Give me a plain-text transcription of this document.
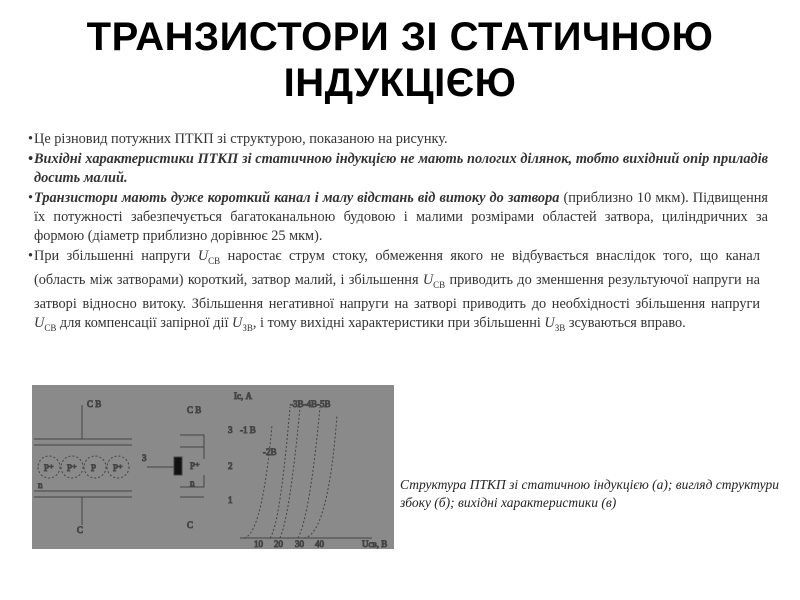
ТРАНЗИСТОРИ ЗІ СТАТИЧНОЮ
ІНДУКЦІЄЮ
• Це різновид потужних ПТКП зі структурою, показаною на рисунку.
• Вихідні характеристики ПТКП зі статичною індукцією не мають пологих ділянок, тобто вихідний опір приладів досить малий.
• Транзистори мають дуже короткий канал і малу відстань від витоку до затвора (приблизно 10 мкм). Підвищення їх потужності забезпечується багатоканальною будовою і малими розмірами областей затвора, циліндричних за формою (діаметр приблизно дорівнює 25 мкм).
• При збільшенні напруги $U_{СВ}$ наростає струм стоку, обмеження якого не відбувається внаслідок того, що канал (область між затворами) короткий, затвор малий, і збільшення $U_{СВ}$ приводить до зменшення результуючої напруги на затворі відносно витоку. Збільшення негативної напруги на затворі приводить до необхідності збільшення напруги $U_{СВ}$ для компенсації запірної дії $U_{ЗВ}$, і тому вихідні характеристики при збільшенні $U_{ЗВ}$ зсуваються вправо.
С В
P⁺ P⁺ P P⁺
n
С
З
С В
P⁺
n
С
Iс, А
-3В-4В-5В
-1 В
-2В
3
2
1
10 20 30 40	Uсв, В
Структура ПТКП зі статичною індукцією (а); вигляд структури збоку (б); вихідні характеристики (в)
